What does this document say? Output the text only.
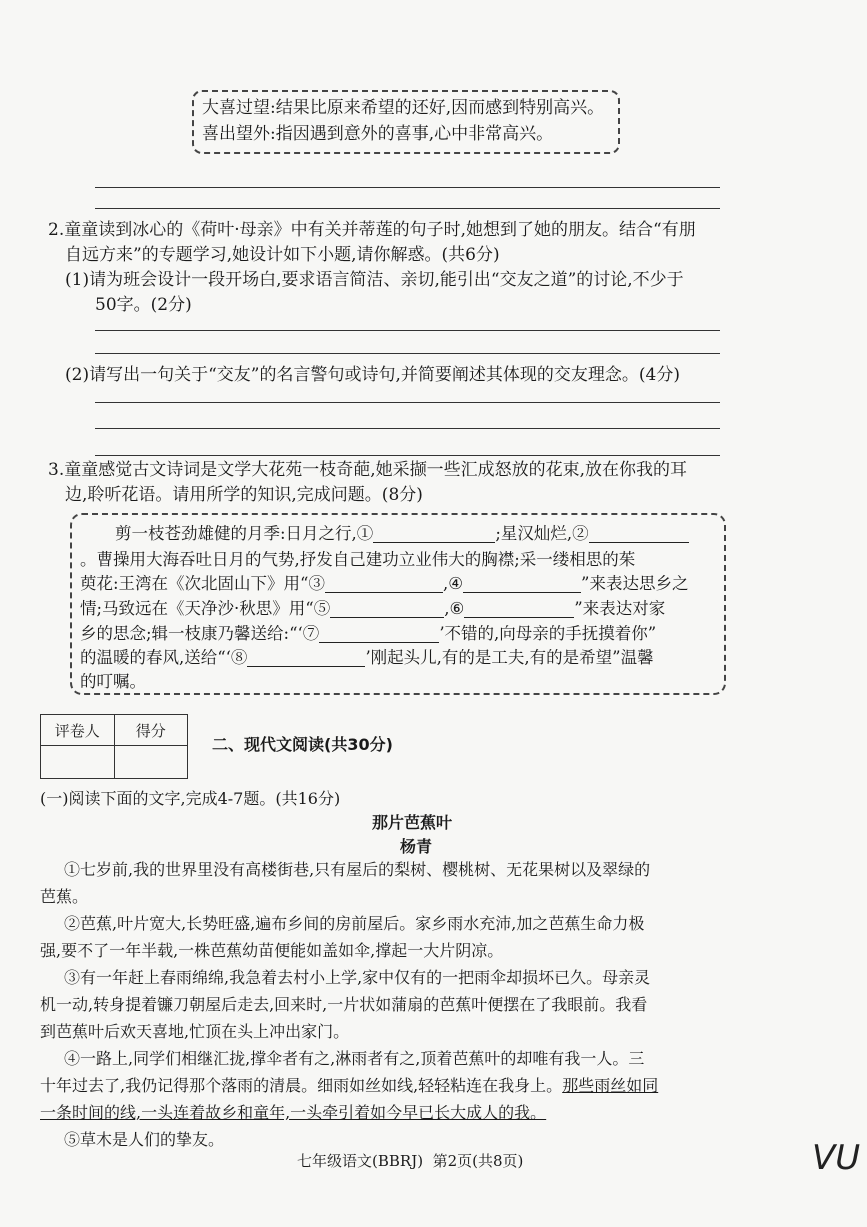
大喜过望:结果比原来希望的还好,因而感到特别高兴。
喜出望外:指因遇到意外的喜事,心中非常高兴。
2.童童读到冰心的《荷叶·母亲》中有关并蒂莲的句子时,她想到了她的朋友。结合“有朋
自远方来”的专题学习,她设计如下小题,请你解惑。(共6分)
(1)请为班会设计一段开场白,要求语言简洁、亲切,能引出“交友之道”的讨论,不少于
50字。(2分)
(2)请写出一句关于“交友”的名言警句或诗句,并简要阐述其体现的交友理念。(4分)
3.童童感觉古文诗词是文学大花苑一枝奇葩,她采撷一些汇成怒放的花束,放在你我的耳
边,聆听花语。请用所学的知识,完成问题。(8分)
剪一枝苍劲雄健的月季:日月之行,①	;星汉灿烂,②
。曹操用大海吞吐日月的气势,抒发自己建功立业伟大的胸襟;采一缕相思的茱
萸花:王湾在《次北固山下》用“③	,④	”来表达思乡之
情;马致远在《天净沙·秋思》用“⑤	,⑥	”来表达对家
乡的思念;辑一枝康乃馨送给:“‘⑦	’不错的,向母亲的手抚摸着你”
的温暖的春风,送给“‘⑧	’刚起头儿,有的是工夫,有的是希望”温馨
的叮嘱。
评卷人	得分

二、现代文阅读(共30分)
(一)阅读下面的文字,完成4-7题。(共16分)
那片芭蕉叶
杨青
①七岁前,我的世界里没有高楼街巷,只有屋后的梨树、樱桃树、无花果树以及翠绿的
芭蕉。
②芭蕉,叶片宽大,长势旺盛,遍布乡间的房前屋后。家乡雨水充沛,加之芭蕉生命力极
强,要不了一年半载,一株芭蕉幼苗便能如盖如伞,撑起一大片阴凉。
③有一年赶上春雨绵绵,我急着去村小上学,家中仅有的一把雨伞却损坏已久。母亲灵
机一动,转身提着镰刀朝屋后走去,回来时,一片状如蒲扇的芭蕉叶便摆在了我眼前。我看
到芭蕉叶后欢天喜地,忙顶在头上冲出家门。
④一路上,同学们相继汇拢,撑伞者有之,淋雨者有之,顶着芭蕉叶的却唯有我一人。三
十年过去了,我仍记得那个落雨的清晨。细雨如丝如线,轻轻粘连在我身上。那些雨丝如同
一条时间的线,一头连着故乡和童年,一头牵引着如今早已长大成人的我。
⑤草木是人们的挚友。
七年级语文(BBRJ)  第2页(共8页)	VU
